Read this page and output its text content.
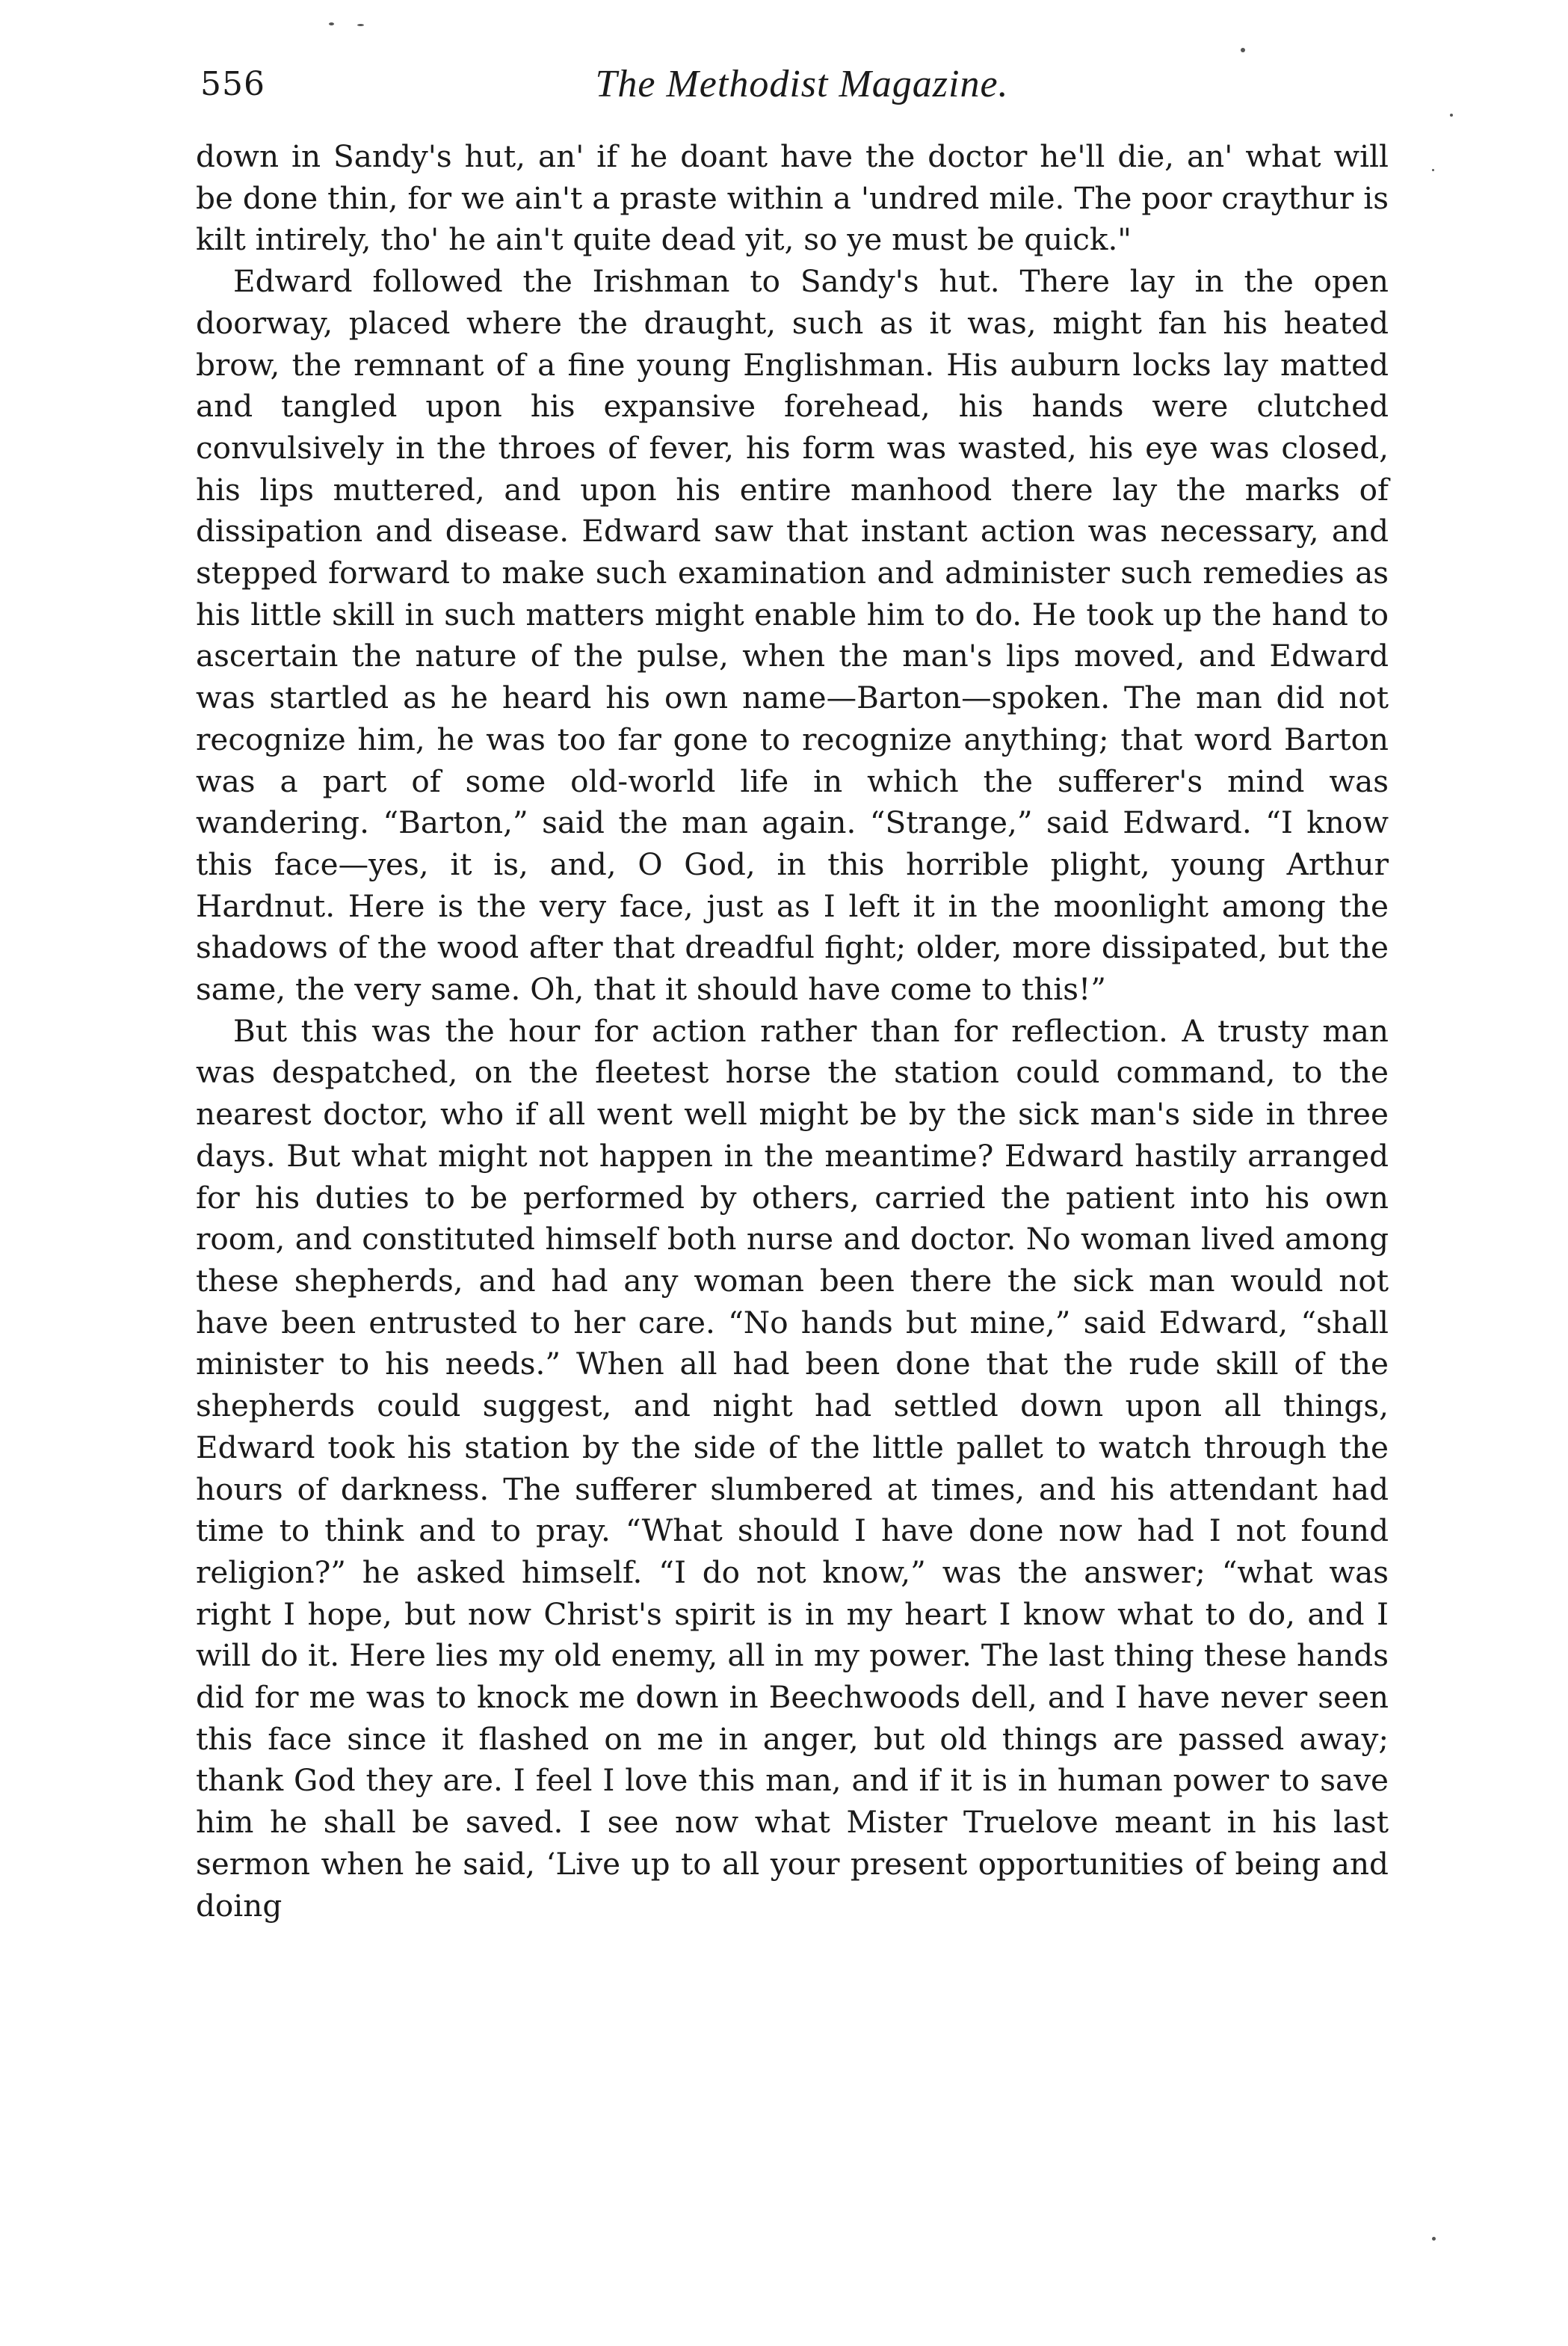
556	The Methodist Magazine.

down in Sandy's hut, an' if he doant have the doctor he'll die, an' what will be done thin, for we ain't a praste within a 'undred mile. The poor craythur is kilt intirely, tho' he ain't quite dead yit, so ye must be quick."

Edward followed the Irishman to Sandy's hut. There lay in the open doorway, placed where the draught, such as it was, might fan his heated brow, the remnant of a fine young Englishman. His auburn locks lay matted and tangled upon his expansive forehead, his hands were clutched convulsively in the throes of fever, his form was wasted, his eye was closed, his lips muttered, and upon his entire manhood there lay the marks of dissipation and disease. Edward saw that instant action was necessary, and stepped forward to make such examination and administer such remedies as his little skill in such matters might enable him to do. He took up the hand to ascertain the nature of the pulse, when the man's lips moved, and Edward was startled as he heard his own name—Barton—spoken. The man did not recognize him, he was too far gone to recognize anything; that word Barton was a part of some old-world life in which the sufferer's mind was wandering. “Barton,” said the man again. “Strange,” said Edward. “I know this face—yes, it is, and, O God, in this horrible plight, young Arthur Hardnut. Here is the very face, just as I left it in the moonlight among the shadows of the wood after that dreadful fight; older, more dissipated, but the same, the very same. Oh, that it should have come to this!”

But this was the hour for action rather than for reflection. A trusty man was despatched, on the fleetest horse the station could command, to the nearest doctor, who if all went well might be by the sick man's side in three days. But what might not happen in the meantime? Edward hastily arranged for his duties to be performed by others, carried the patient into his own room, and constituted himself both nurse and doctor. No woman lived among these shepherds, and had any woman been there the sick man would not have been entrusted to her care. “No hands but mine,” said Edward, “shall minister to his needs.” When all had been done that the rude skill of the shepherds could suggest, and night had settled down upon all things, Edward took his station by the side of the little pallet to watch through the hours of darkness. The sufferer slumbered at times, and his attendant had time to think and to pray. “What should I have done now had I not found religion?” he asked himself. “I do not know,” was the answer; “what was right I hope, but now Christ's spirit is in my heart I know what to do, and I will do it. Here lies my old enemy, all in my power. The last thing these hands did for me was to knock me down in Beechwoods dell, and I have never seen this face since it flashed on me in anger, but old things are passed away; thank God they are. I feel I love this man, and if it is in human power to save him he shall be saved. I see now what Mister Truelove meant in his last sermon when he said, ‘Live up to all your present opportunities of being and doing
